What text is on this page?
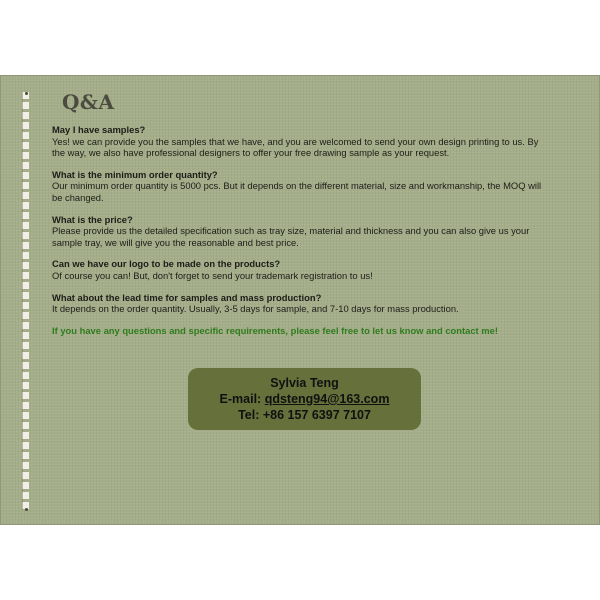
Q&A
May I have samples?
Yes! we can provide you the samples that we have, and you are welcomed to send your own design printing to us. By the way, we also have professional designers to offer your free drawing sample as your request.
What is the minimum order quantity?
Our minimum order quantity is 5000 pcs. But it depends on the different material, size and workmanship, the MOQ will be changed.
What is the price?
Please provide us the detailed specification such as tray size, material and thickness and you can also give us your sample tray, we will give you the reasonable and best price.
Can we have our logo to be made on the products?
Of course you can! But, don't forget to send your trademark registration to us!
What about the lead time for samples and mass production?
It depends on the order quantity. Usually, 3-5 days for sample, and 7-10 days for mass production.
If you have any questions and specific requirements, please feel free to let us know and contact me!
Sylvia Teng
E-mail: qdsteng94@163.com
Tel: +86 157 6397 7107
